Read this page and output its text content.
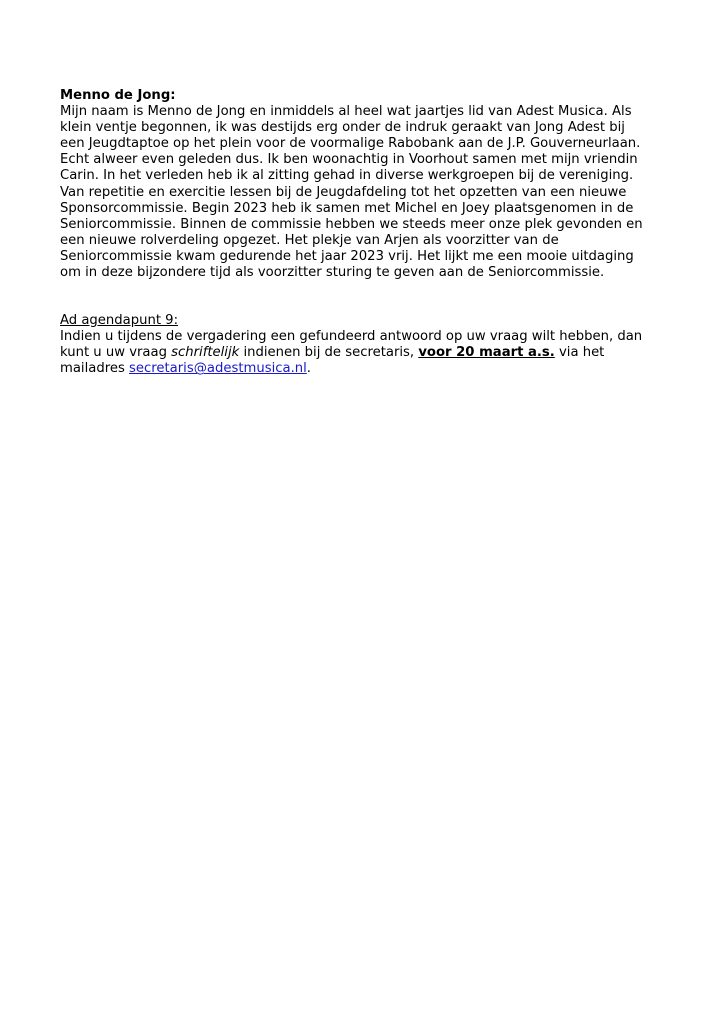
Menno de Jong:

Mijn naam is Menno de Jong en inmiddels al heel wat jaartjes lid van Adest Musica. Als

klein ventje begonnen, ik was destijds erg onder de indruk geraakt van Jong Adest bij

een Jeugdtaptoe op het plein voor de voormalige Rabobank aan de J.P. Gouverneurlaan.

Echt alweer even geleden dus. Ik ben woonachtig in Voorhout samen met mijn vriendin

Carin. In het verleden heb ik al zitting gehad in diverse werkgroepen bij de vereniging.

Van repetitie en exercitie lessen bij de Jeugdafdeling tot het opzetten van een nieuwe

Sponsorcommissie. Begin 2023 heb ik samen met Michel en Joey plaatsgenomen in de

Seniorcommissie. Binnen de commissie hebben we steeds meer onze plek gevonden en

een nieuwe rolverdeling opgezet. Het plekje van Arjen als voorzitter van de

Seniorcommissie kwam gedurende het jaar 2023 vrij. Het lijkt me een mooie uitdaging

om in deze bijzondere tijd als voorzitter sturing te geven aan de Seniorcommissie.

Ad agendapunt 9:

Indien u tijdens de vergadering een gefundeerd antwoord op uw vraag wilt hebben, dan

kunt u uw vraag schriftelijk indienen bij de secretaris, voor 20 maart a.s. via het

mailadres secretaris@adestmusica.nl.
